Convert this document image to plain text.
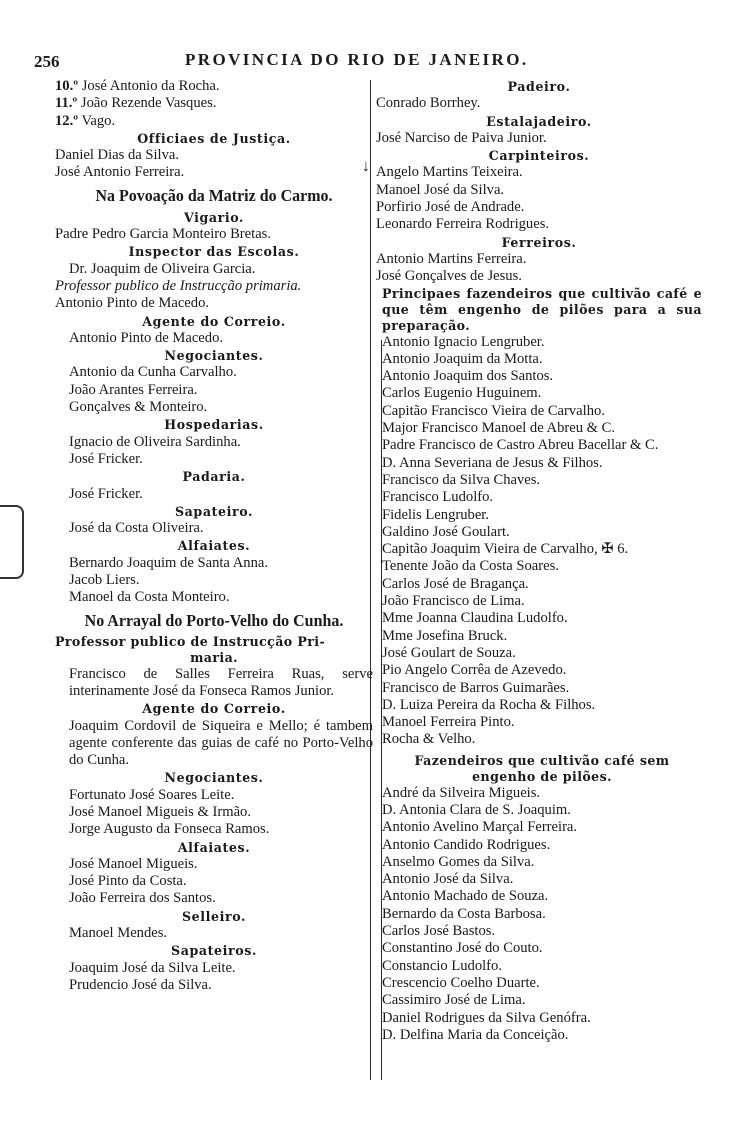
256	PROVINCIA DO RIO DE JANEIRO.
↓
10.º José Antonio da Rocha.
11.º João Rezende Vasques.
12.º Vago.
Officiaes de Justiça.
Daniel Dias da Silva.
José Antonio Ferreira.
Na Povoação da Matriz do Carmo.
Vigario.
Padre Pedro Garcia Monteiro Bretas.
Inspector das Escolas.
Dr. Joaquim de Oliveira Garcia.
Professor publico de Instrucção primaria.
Antonio Pinto de Macedo.
Agente do Correio.
Antonio Pinto de Macedo.
Negociantes.
Antonio da Cunha Carvalho.
João Arantes Ferreira.
Gonçalves & Monteiro.
Hospedarias.
Ignacio de Oliveira Sardinha.
José Fricker.
Padaria.
José Fricker.
Sapateiro.
José da Costa Oliveira.
Alfaiates.
Bernardo Joaquim de Santa Anna.
Jacob Liers.
Manoel da Costa Monteiro.
No Arrayal do Porto-Velho do Cunha.
Professor publico de Instrucção Pri-
maria.
Francisco de Salles Ferreira Ruas, serve interinamente José da Fonseca Ramos Junior.
Agente do Correio.
Joaquim Cordovil de Siqueira e Mello; é tambem agente conferente das guias de café no Porto-Velho do Cunha.
Negociantes.
Fortunato José Soares Leite.
José Manoel Migueis & Irmão.
Jorge Augusto da Fonseca Ramos.
Alfaiates.
José Manoel Migueis.
José Pinto da Costa.
João Ferreira dos Santos.
Selleiro.
Manoel Mendes.
Sapateiros.
Joaquim José da Silva Leite.
Prudencio José da Silva.
Padeiro.
Conrado Borrhey.
Estalajadeiro.
José Narciso de Paiva Junior.
Carpinteiros.
Angelo Martins Teixeira.
Manoel José da Silva.
Porfirio José de Andrade.
Leonardo Ferreira Rodrigues.
Ferreiros.
Antonio Martins Ferreira.
José Gonçalves de Jesus.
Principaes fazendeiros que cultivão café e que têm engenho de pilões para a sua preparação.
Antonio Ignacio Lengruber.
Antonio Joaquim da Motta.
Antonio Joaquim dos Santos.
Carlos Eugenio Huguinem.
Capitão Francisco Vieira de Carvalho.
Major Francisco Manoel de Abreu & C.
Padre Francisco de Castro Abreu Bacellar & C.
D. Anna Severiana de Jesus & Filhos.
Francisco da Silva Chaves.
Francisco Ludolfo.
Fidelis Lengruber.
Galdino José Goulart.
Capitão Joaquim Vieira de Carvalho, ✠ 6.
Tenente João da Costa Soares.
Carlos José de Bragança.
João Francisco de Lima.
Mme Joanna Claudina Ludolfo.
Mme Josefina Bruck.
José Goulart de Souza.
Pio Angelo Corrêa de Azevedo.
Francisco de Barros Guimarães.
D. Luiza Pereira da Rocha & Filhos.
Manoel Ferreira Pinto.
Rocha & Velho.
Fazendeiros que cultivão café sem engenho de pilões.
André da Silveira Migueis.
D. Antonia Clara de S. Joaquim.
Antonio Avelino Marçal Ferreira.
Antonio Candido Rodrigues.
Anselmo Gomes da Silva.
Antonio José da Silva.
Antonio Machado de Souza.
Bernardo da Costa Barbosa.
Carlos José Bastos.
Constantino José do Couto.
Constancio Ludolfo.
Crescencio Coelho Duarte.
Cassimiro José de Lima.
Daniel Rodrigues da Silva Genófra.
D. Delfina Maria da Conceição.
